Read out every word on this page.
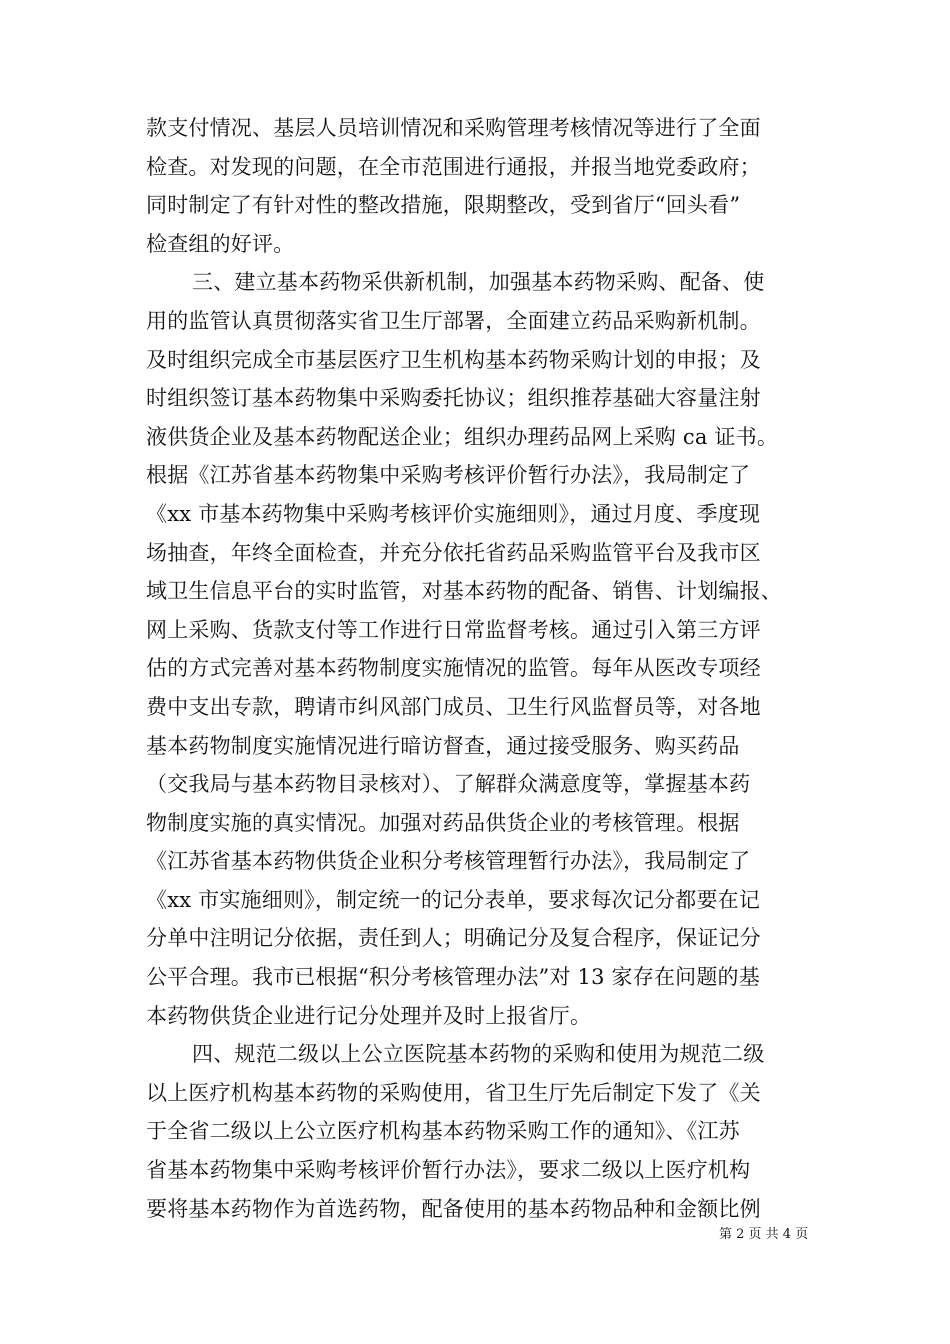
款支付情况、基层人员培训情况和采购管理考核情况等进行了全面
检查。对发现的问题，在全市范围进行通报，并报当地党委政府；
同时制定了有针对性的整改措施，限期整改，受到省厅“回头看”
检查组的好评。
三、建立基本药物采供新机制，加强基本药物采购、配备、使
用的监管认真贯彻落实省卫生厅部署，全面建立药品采购新机制。
及时组织完成全市基层医疗卫生机构基本药物采购计划的申报；及
时组织签订基本药物集中采购委托协议；组织推荐基础大容量注射
液供货企业及基本药物配送企业；组织办理药品网上采购 ca 证书。
根据《江苏省基本药物集中采购考核评价暂行办法》，我局制定了
《xx 市基本药物集中采购考核评价实施细则》，通过月度、季度现
场抽查，年终全面检查，并充分依托省药品采购监管平台及我市区
域卫生信息平台的实时监管，对基本药物的配备、销售、计划编报、
网上采购、货款支付等工作进行日常监督考核。通过引入第三方评
估的方式完善对基本药物制度实施情况的监管。每年从医改专项经
费中支出专款，聘请市纠风部门成员、卫生行风监督员等，对各地
基本药物制度实施情况进行暗访督查，通过接受服务、购买药品
（交我局与基本药物目录核对）、了解群众满意度等，掌握基本药
物制度实施的真实情况。加强对药品供货企业的考核管理。根据
《江苏省基本药物供货企业积分考核管理暂行办法》，我局制定了
《xx 市实施细则》，制定统一的记分表单，要求每次记分都要在记
分单中注明记分依据，责任到人；明确记分及复合程序，保证记分
公平合理。我市已根据“积分考核管理办法”对 13 家存在问题的基
本药物供货企业进行记分处理并及时上报省厅。
四、规范二级以上公立医院基本药物的采购和使用为规范二级
以上医疗机构基本药物的采购使用，省卫生厅先后制定下发了《关
于全省二级以上公立医疗机构基本药物采购工作的通知》、《江苏
省基本药物集中采购考核评价暂行办法》，要求二级以上医疗机构
要将基本药物作为首选药物，配备使用的基本药物品种和金额比例
第 2 页 共 4 页
